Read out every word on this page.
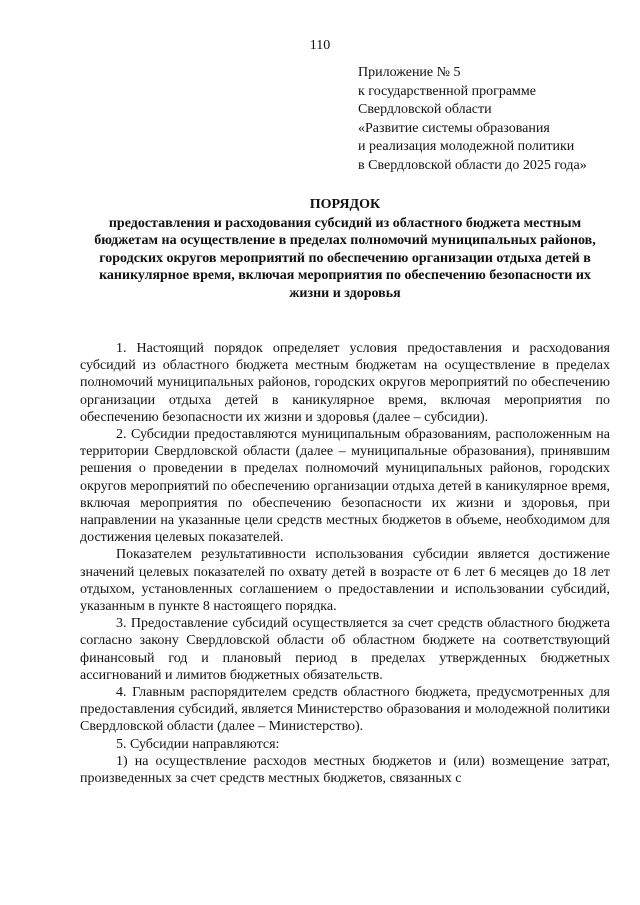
110
Приложение № 5
к государственной программе
Свердловской области
«Развитие системы образования
и реализация молодежной политики
в Свердловской области до 2025 года»
ПОРЯДОК
предоставления и расходования субсидий из областного бюджета местным бюджетам на осуществление в пределах полномочий муниципальных районов, городских округов мероприятий по обеспечению организации отдыха детей в каникулярное время, включая мероприятия по обеспечению безопасности их жизни и здоровья

1. Настоящий порядок определяет условия предоставления и расходования субсидий из областного бюджета местным бюджетам на осуществление в пределах полномочий муниципальных районов, городских округов мероприятий по обеспечению организации отдыха детей в каникулярное время, включая мероприятия по обеспечению безопасности их жизни и здоровья (далее – субсидии).

2. Субсидии предоставляются муниципальным образованиям, расположенным на территории Свердловской области (далее – муниципальные образования), принявшим решения о проведении в пределах полномочий муниципальных районов, городских округов мероприятий по обеспечению организации отдыха детей в каникулярное время, включая мероприятия по обеспечению безопасности их жизни и здоровья, при направлении на указанные цели средств местных бюджетов в объеме, необходимом для достижения целевых показателей.

Показателем результативности использования субсидии является достижение значений целевых показателей по охвату детей в возрасте от 6 лет 6 месяцев до 18 лет отдыхом, установленных соглашением о предоставлении и использовании субсидий, указанным в пункте 8 настоящего порядка.

3. Предоставление субсидий осуществляется за счет средств областного бюджета согласно закону Свердловской области об областном бюджете на соответствующий финансовый год и плановый период в пределах утвержденных бюджетных ассигнований и лимитов бюджетных обязательств.

4. Главным распорядителем средств областного бюджета, предусмотренных для предоставления субсидий, является Министерство образования и молодежной политики Свердловской области (далее – Министерство).

5. Субсидии направляются:

1) на осуществление расходов местных бюджетов и (или) возмещение затрат, произведенных за счет средств местных бюджетов, связанных с
